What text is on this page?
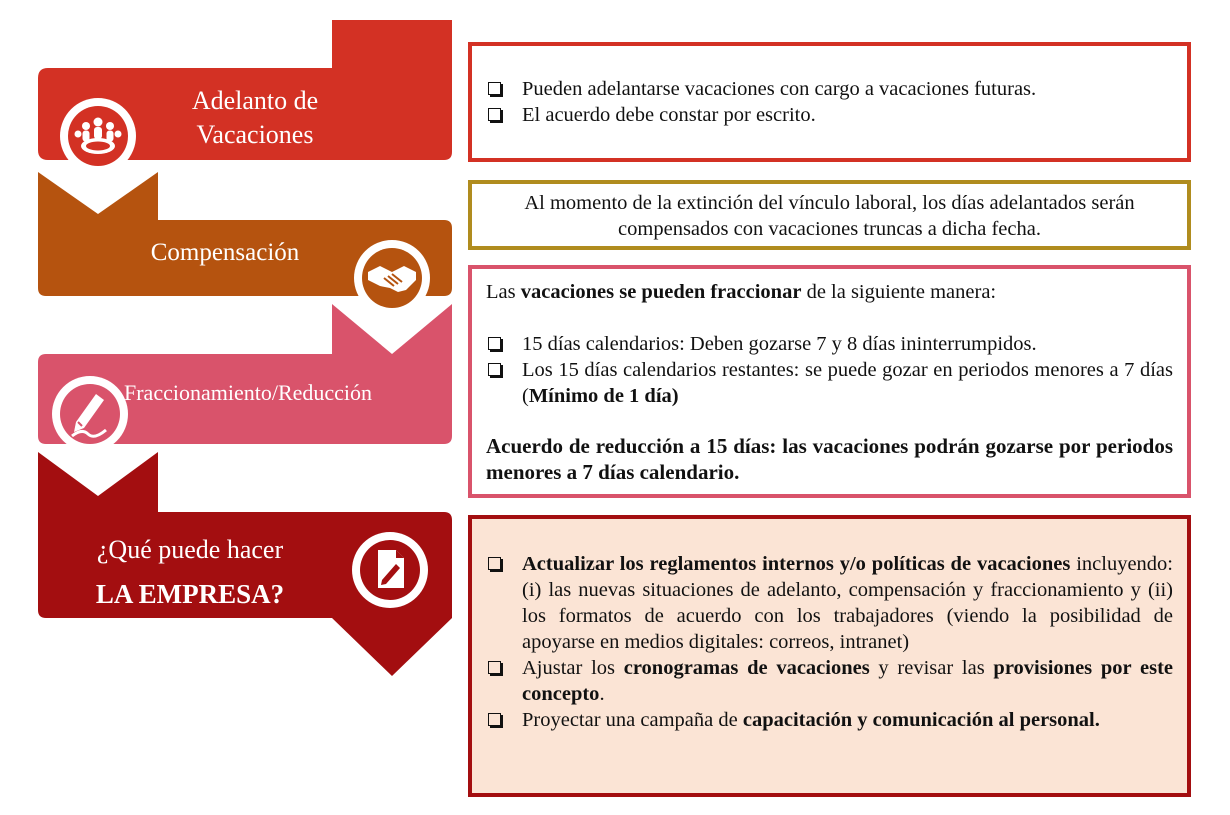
Adelanto de
Vacaciones
Compensación
Fraccionamiento/Reducción
¿Qué puede hacer
LA EMPRESA?
Pueden adelantarse vacaciones con cargo a vacaciones futuras.
El acuerdo debe constar por escrito.
Al momento de la extinción del vínculo laboral, los días adelantados serán compensados con vacaciones truncas a dicha fecha.
Las vacaciones se pueden fraccionar de la siguiente manera:
15 días calendarios: Deben gozarse 7 y 8 días ininterrumpidos.
Los 15 días calendarios restantes: se puede gozar en periodos menores a 7 días (Mínimo de 1 día)
Acuerdo de reducción a 15 días: las vacaciones podrán gozarse por periodos menores a 7 días calendario.
Actualizar los reglamentos internos y/o políticas de vacaciones incluyendo: (i) las nuevas situaciones de adelanto, compensación y fraccionamiento y (ii) los formatos de acuerdo con los trabajadores (viendo la posibilidad de apoyarse en medios digitales: correos, intranet)
Ajustar los cronogramas de vacaciones y revisar las provisiones por este concepto.
Proyectar una campaña de capacitación y comunicación al personal.
